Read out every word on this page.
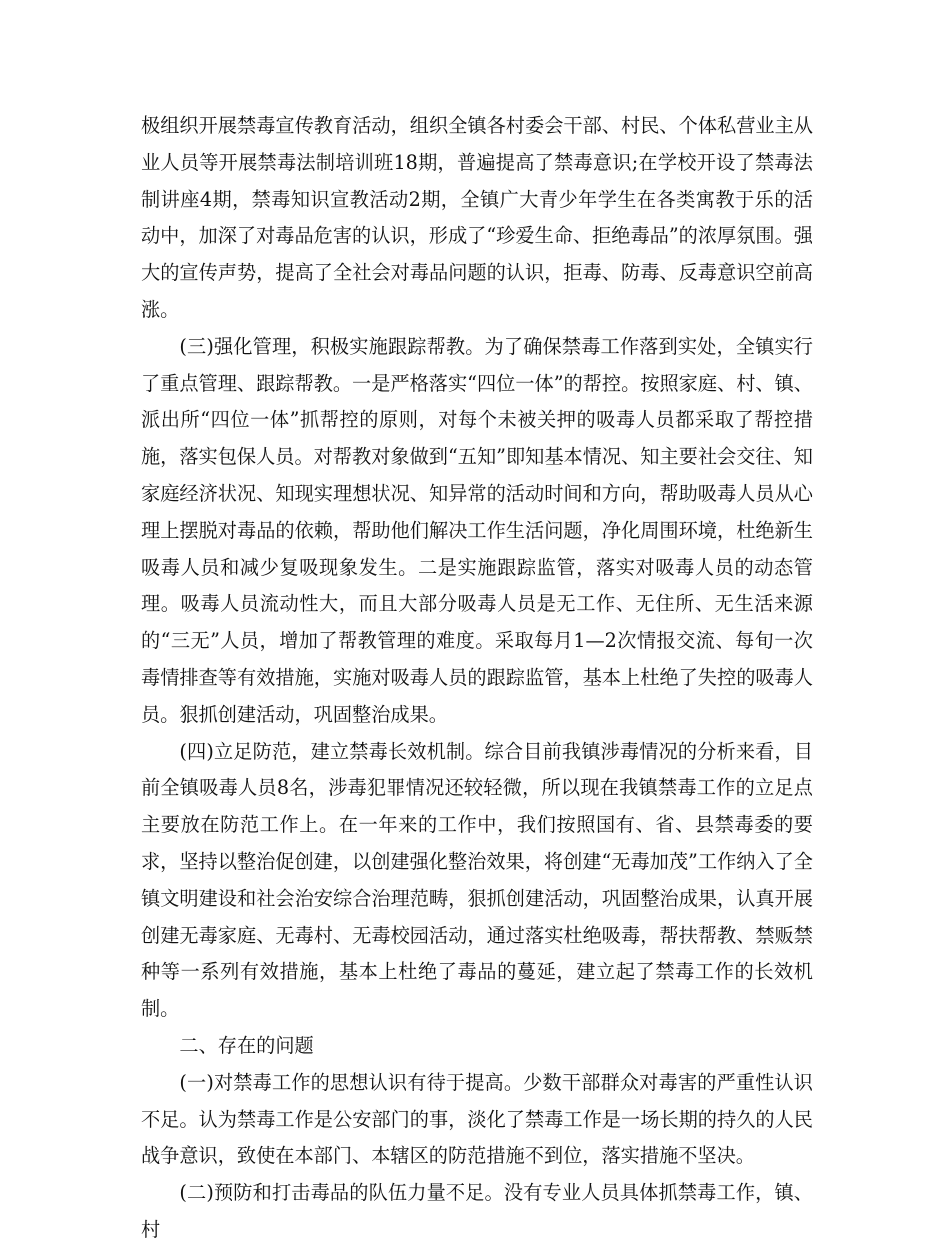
极组织开展禁毒宣传教育活动，组织全镇各村委会干部、村民、个体私营业主从业人员等开展禁毒法制培训班18期，普遍提高了禁毒意识;在学校开设了禁毒法制讲座4期，禁毒知识宣教活动2期，全镇广大青少年学生在各类寓教于乐的活动中，加深了对毒品危害的认识，形成了“珍爱生命、拒绝毒品”的浓厚氛围。强大的宣传声势，提高了全社会对毒品问题的认识，拒毒、防毒、反毒意识空前高涨。

(三)强化管理，积极实施跟踪帮教。为了确保禁毒工作落到实处，全镇实行了重点管理、跟踪帮教。一是严格落实“四位一体”的帮控。按照家庭、村、镇、派出所“四位一体”抓帮控的原则，对每个未被关押的吸毒人员都采取了帮控措施，落实包保人员。对帮教对象做到“五知”即知基本情况、知主要社会交往、知家庭经济状况、知现实理想状况、知异常的活动时间和方向，帮助吸毒人员从心理上摆脱对毒品的依赖，帮助他们解决工作生活问题，净化周围环境，杜绝新生吸毒人员和减少复吸现象发生。二是实施跟踪监管，落实对吸毒人员的动态管理。吸毒人员流动性大，而且大部分吸毒人员是无工作、无住所、无生活来源的“三无”人员，增加了帮教管理的难度。采取每月1—2次情报交流、每旬一次毒情排查等有效措施，实施对吸毒人员的跟踪监管，基本上杜绝了失控的吸毒人员。狠抓创建活动，巩固整治成果。

(四)立足防范，建立禁毒长效机制。综合目前我镇涉毒情况的分析来看，目前全镇吸毒人员8名，涉毒犯罪情况还较轻微，所以现在我镇禁毒工作的立足点主要放在防范工作上。在一年来的工作中，我们按照国有、省、县禁毒委的要求，坚持以整治促创建，以创建强化整治效果，将创建“无毒加茂”工作纳入了全镇文明建设和社会治安综合治理范畴，狠抓创建活动，巩固整治成果，认真开展创建无毒家庭、无毒村、无毒校园活动，通过落实杜绝吸毒，帮扶帮教、禁贩禁种等一系列有效措施，基本上杜绝了毒品的蔓延，建立起了禁毒工作的长效机制。

二、存在的问题

(一)对禁毒工作的思想认识有待于提高。少数干部群众对毒害的严重性认识不足。认为禁毒工作是公安部门的事，淡化了禁毒工作是一场长期的持久的人民战争意识，致使在本部门、本辖区的防范措施不到位，落实措施不坚决。

(二)预防和打击毒品的队伍力量不足。没有专业人员具体抓禁毒工作，镇、村
